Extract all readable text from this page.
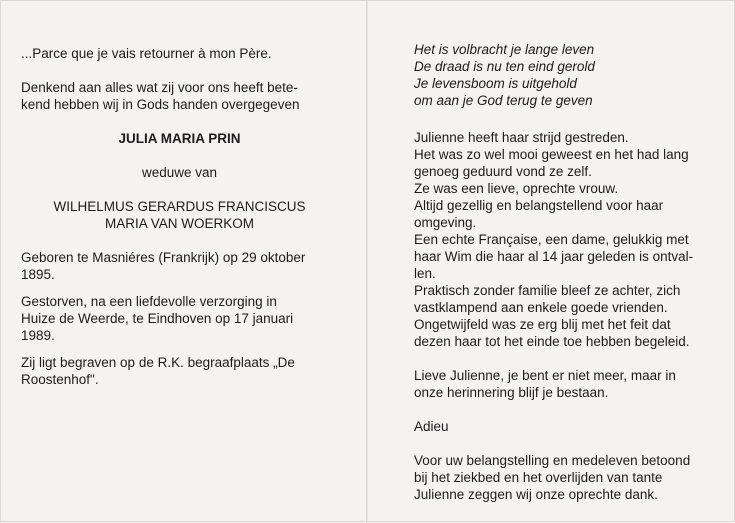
...Parce que je vais retourner à mon Père.

Denkend aan alles wat zij voor ons heeft bete-
kend hebben wij in Gods handen overgegeven

JULIA MARIA PRIN

weduwe van

WILHELMUS GERARDUS FRANCISCUS
MARIA VAN WOERKOM

Geboren te Masniéres (Frankrijk) op 29 oktober
1895.

Gestorven, na een liefdevolle verzorging in
Huize de Weerde, te Eindhoven op 17 januari
1989.

Zij ligt begraven op de R.K. begraafplaats „De
Roostenhof".

Het is volbracht je lange leven
De draad is nu ten eind gerold
Je levensboom is uitgehold
om aan je God terug te geven

Julienne heeft haar strijd gestreden.
Het was zo wel mooi geweest en het had lang
genoeg geduurd vond ze zelf.
Ze was een lieve, oprechte vrouw.
Altijd gezellig en belangstellend voor haar
omgeving.
Een echte Française, een dame, gelukkig met
haar Wim die haar al 14 jaar geleden is ontval-
len.
Praktisch zonder familie bleef ze achter, zich
vastklampend aan enkele goede vrienden.
Ongetwijfeld was ze erg blij met het feit dat
dezen haar tot het einde toe hebben begeleid.

Lieve Julienne, je bent er niet meer, maar in
onze herinnering blijf je bestaan.

Adieu

Voor uw belangstelling en medeleven betoond
bij het ziekbed en het overlijden van tante
Julienne zeggen wij onze oprechte dank.
